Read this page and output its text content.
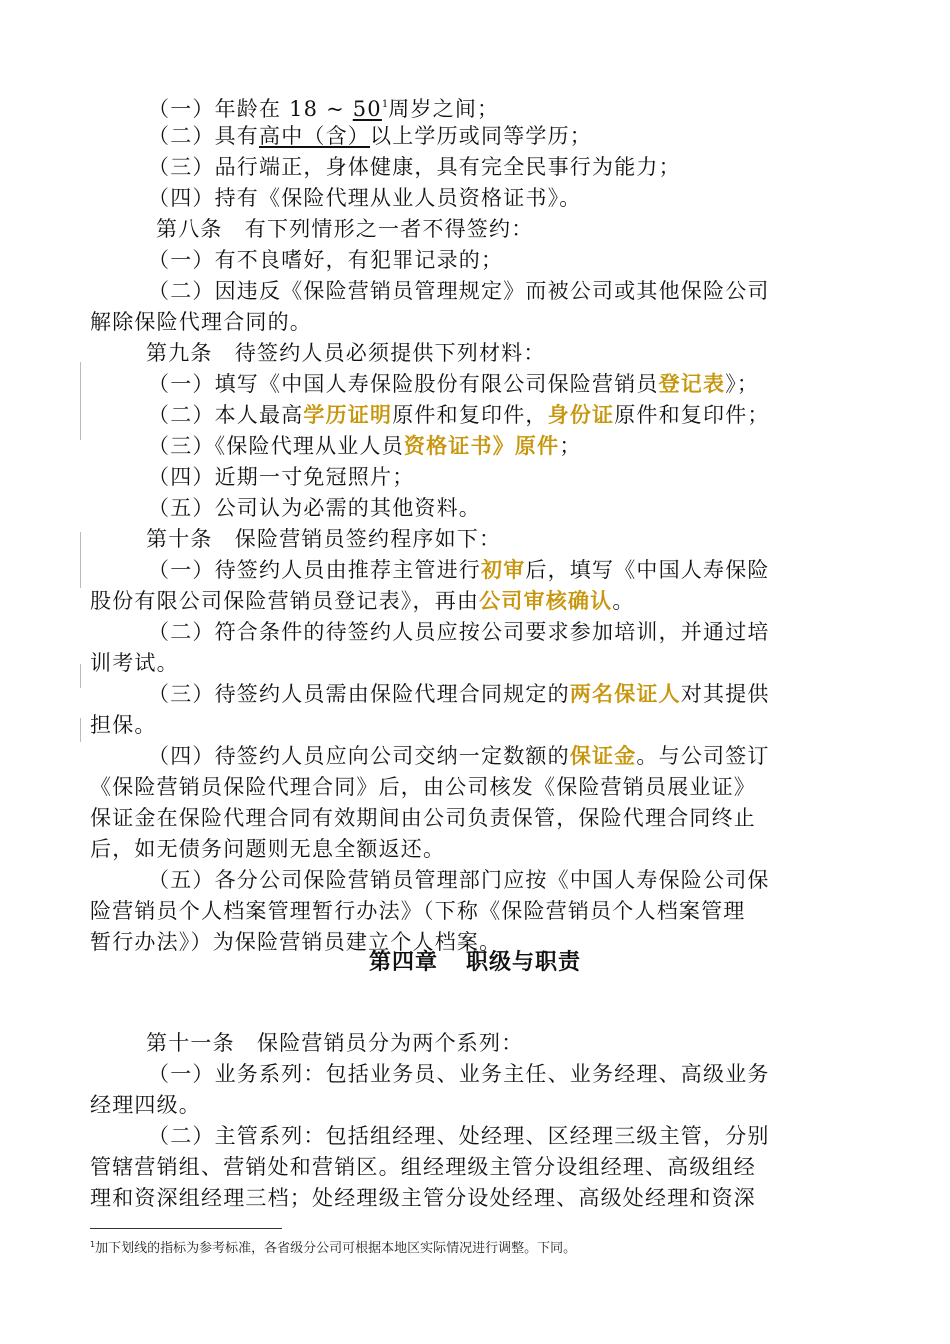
（一）年龄在 18 ~ $50^1$周岁之间；
（二）具有高中（含）以上学历或同等学历；
（三）品行端正，身体健康，具有完全民事行为能力；
（四）持有《保险代理从业人员资格证书》。
第八条　有下列情形之一者不得签约：
（一）有不良嗜好，有犯罪记录的；
（二）因违反《保险营销员管理规定》而被公司或其他保险公司
解除保险代理合同的。
第九条　待签约人员必须提供下列材料：
（一）填写《中国人寿保险股份有限公司保险营销员登记表》；
（二）本人最高学历证明原件和复印件，身份证原件和复印件；
（三）《保险代理从业人员资格证书》原件；
（四）近期一寸免冠照片；
（五）公司认为必需的其他资料。
第十条　保险营销员签约程序如下：
（一）待签约人员由推荐主管进行初审后，填写《中国人寿保险
股份有限公司保险营销员登记表》，再由公司审核确认。
（二）符合条件的待签约人员应按公司要求参加培训，并通过培
训考试。
（三）待签约人员需由保险代理合同规定的两名保证人对其提供
担保。
（四）待签约人员应向公司交纳一定数额的保证金。与公司签订
《保险营销员保险代理合同》后，由公司核发《保险营销员展业证》
保证金在保险代理合同有效期间由公司负责保管，保险代理合同终止
后，如无债务问题则无息全额返还。
（五）各分公司保险营销员管理部门应按《中国人寿保险公司保
险营销员个人档案管理暂行办法》（下称《保险营销员个人档案管理
暂行办法》）为保险营销员建立个人档案。
第四章 职级与职责
第十一条　保险营销员分为两个系列：
（一）业务系列：包括业务员、业务主任、业务经理、高级业务
经理四级。
（二）主管系列：包括组经理、处经理、区经理三级主管，分别
管辖营销组、营销处和营销区。组经理级主管分设组经理、高级组经
理和资深组经理三档；处经理级主管分设处经理、高级处经理和资深
$^1$加下划线的指标为参考标准，各省级分公司可根据本地区实际情况进行调整。下同。
